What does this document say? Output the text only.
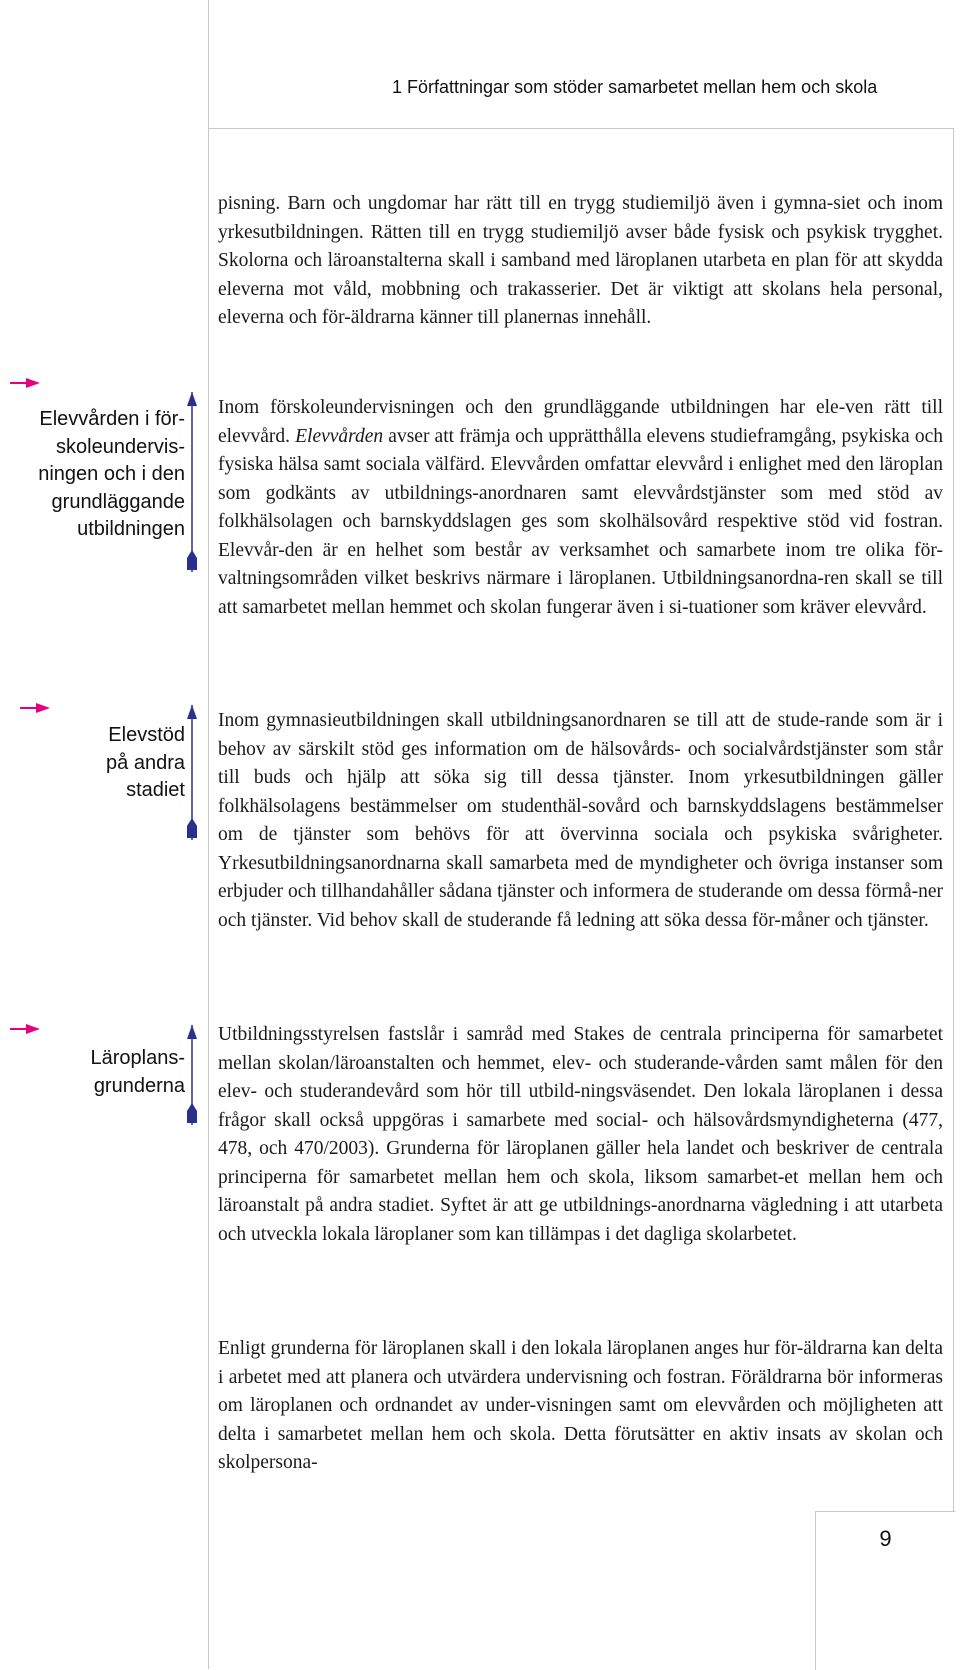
1 Författningar som stöder samarbetet mellan hem och skola

pisning. Barn och ungdomar har rätt till en trygg studiemiljö även i gymna-siet och inom yrkesutbildningen. Rätten till en trygg studiemiljö avser både fysisk och psykisk trygghet. Skolorna och läroanstalterna skall i samband med läroplanen utarbeta en plan för att skydda eleverna mot våld, mobbning och trakasserier. Det är viktigt att skolans hela personal, eleverna och för-äldrarna känner till planernas innehåll.

Inom förskoleundervisningen och den grundläggande utbildningen har ele-ven rätt till elevvård. Elevvården avser att främja och upprätthålla elevens studieframgång, psykiska och fysiska hälsa samt sociala välfärd. Elevvården omfattar elevvård i enlighet med den läroplan som godkänts av utbildnings-anordnaren samt elevvårdstjänster som med stöd av folkhälsolagen och barnskyddslagen ges som skolhälsovård respektive stöd vid fostran. Elevvår-den är en helhet som består av verksamhet och samarbete inom tre olika för-valtningsområden vilket beskrivs närmare i läroplanen. Utbildningsanordna-ren skall se till att samarbetet mellan hemmet och skolan fungerar även i si-tuationer som kräver elevvård.

Inom gymnasieutbildningen skall utbildningsanordnaren se till att de stude-rande som är i behov av särskilt stöd ges information om de hälsovårds- och socialvårdstjänster som står till buds och hjälp att söka sig till dessa tjänster. Inom yrkesutbildningen gäller folkhälsolagens bestämmelser om studenthäl-sovård och barnskyddslagens bestämmelser om de tjänster som behövs för att övervinna sociala och psykiska svårigheter. Yrkesutbildningsanordnarna skall samarbeta med de myndigheter och övriga instanser som erbjuder och tillhandahåller sådana tjänster och informera de studerande om dessa förmå-ner och tjänster. Vid behov skall de studerande få ledning att söka dessa för-måner och tjänster.

Utbildningsstyrelsen fastslår i samråd med Stakes de centrala principerna för samarbetet mellan skolan/läroanstalten och hemmet, elev- och studerande-vården samt målen för den elev- och studerandevård som hör till utbild-ningsväsendet. Den lokala läroplanen i dessa frågor skall också uppgöras i samarbete med social- och hälsovårdsmyndigheterna (477, 478, och 470/2003). Grunderna för läroplanen gäller hela landet och beskriver de centrala principerna för samarbetet mellan hem och skola, liksom samarbet-et mellan hem och läroanstalt på andra stadiet. Syftet är att ge utbildnings-anordnarna vägledning i att utarbeta och utveckla lokala läroplaner som kan tillämpas i det dagliga skolarbetet.

Enligt grunderna för läroplanen skall i den lokala läroplanen anges hur för-äldrarna kan delta i arbetet med att planera och utvärdera undervisning och fostran. Föräldrarna bör informeras om läroplanen och ordnandet av under-visningen samt om elevvården och möjligheten att delta i samarbetet mellan hem och skola. Detta förutsätter en aktiv insats av skolan och skolpersona-

Elevvården i för-
skoleundervis-
ningen och i den
grundläggande
utbildningen

Elevstöd
på andra
stadiet

Läroplans-
grunderna

9
